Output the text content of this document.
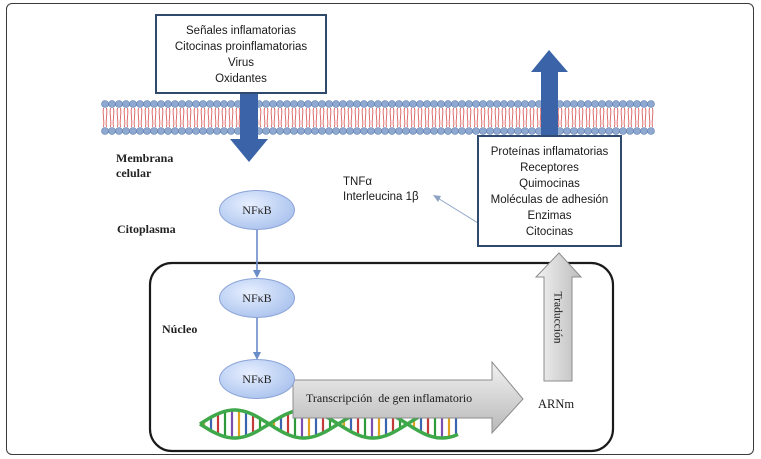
Señales inflamatorias
Citocinas proinflamatorias
Virus
Oxidantes
Proteínas inflamatorias
Receptores
Quimocinas
Moléculas de adhesión
Enzimas
Citocinas
Membrana celular
Citoplasma
Núcleo
TNFα
Interleucina 1β
NFκB
NFκB
NFκB
Transcripción  de gen inflamatorio	ARNm
Traducción
